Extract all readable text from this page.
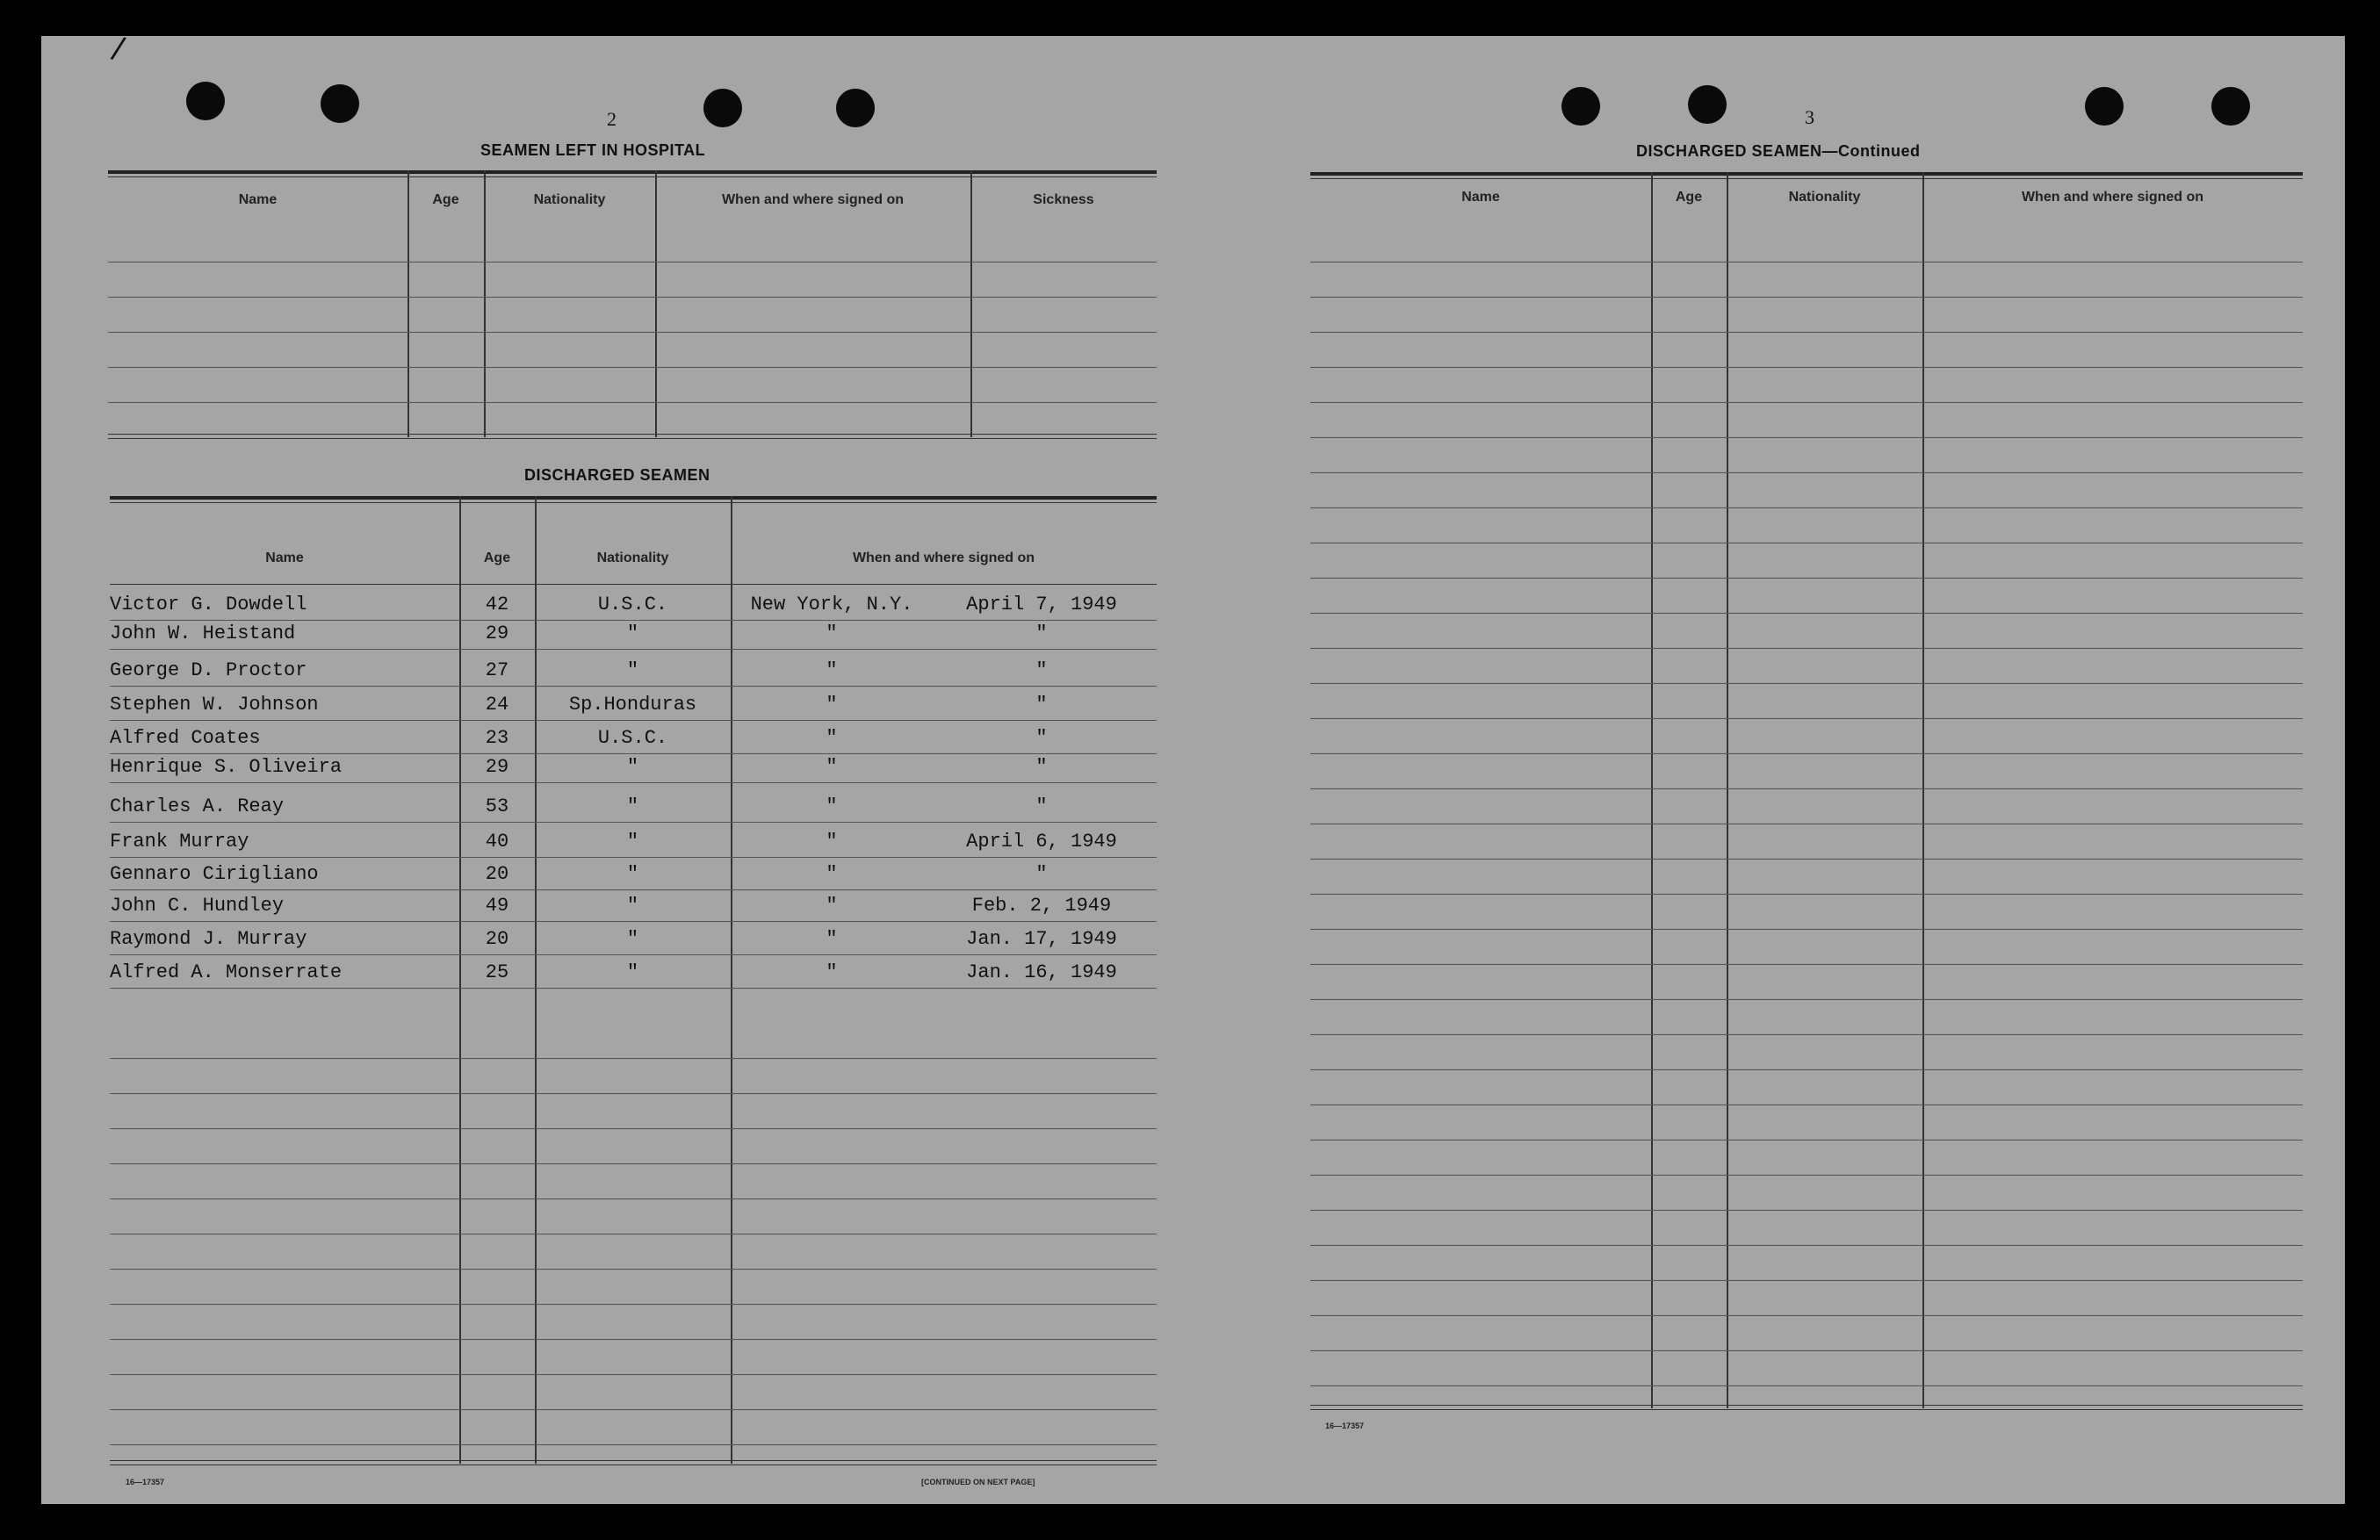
/
2
SEAMEN LEFT IN HOSPITAL
Name	Age	Nationality	When and where signed on	Sickness
DISCHARGED SEAMEN
Name	Age	Nationality	When and where signed on
Victor G. Dowdell	42	U.S.C.	New York, N.Y.	April 7, 1949
John W. Heistand	29	"	"	"
George D. Proctor	27	"	"	"
Stephen W. Johnson	24	Sp.Honduras	"	"
Alfred Coates	23	U.S.C.	"	"
Henrique S. Oliveira	29	"	"	"
Charles A. Reay	53	"	"	"
Frank Murray	40	"	"	April 6, 1949
Gennaro Cirigliano	20	"	"	"
John C. Hundley	49	"	"	Feb. 2, 1949
Raymond J. Murray	20	"	"	Jan. 17, 1949
Alfred A. Monserrate	25	"	"	Jan. 16, 1949
16—17357	[CONTINUED ON NEXT PAGE]
3
DISCHARGED SEAMEN—Continued
Name	Age	Nationality	When and where signed on
16—17357
